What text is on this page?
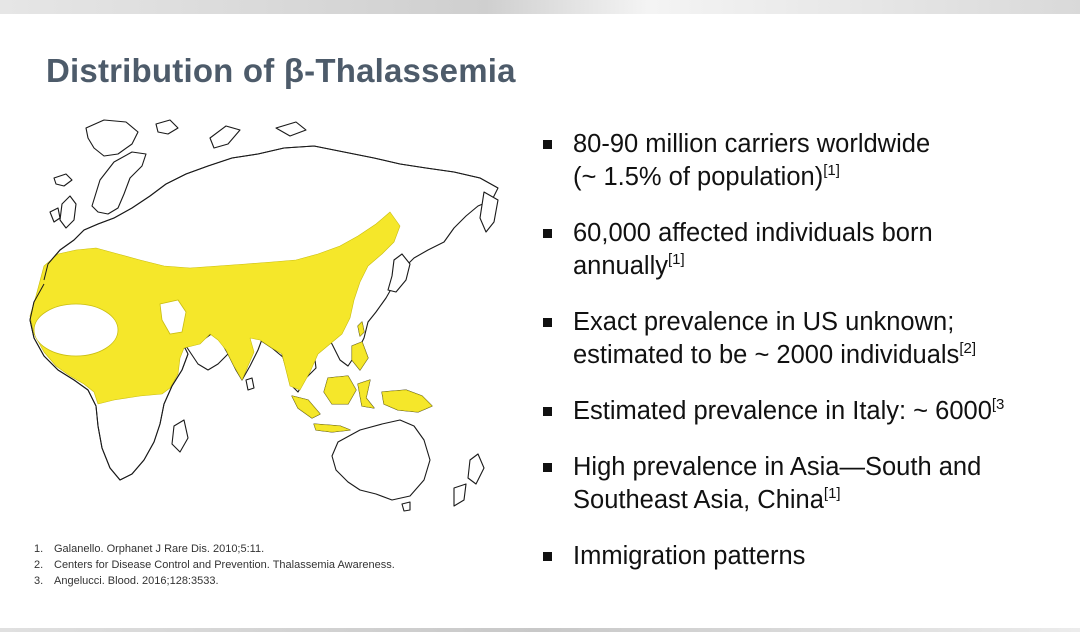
Distribution of β-Thalassemia
80-90 million carriers worldwide
(~ 1.5% of population)[1]
60,000 affected individuals born
annually[1]
Exact prevalence in US unknown;
estimated to be ~ 2000 individuals[2]
Estimated prevalence in Italy: ~ $6000^{[3}$
High prevalence in Asia—South and
Southeast Asia, China[1]
Immigration patterns
1. Galanello. Orphanet J Rare Dis. 2010;5:11.
2. Centers for Disease Control and Prevention. Thalassemia Awareness.
3. Angelucci. Blood. 2016;128:3533.
